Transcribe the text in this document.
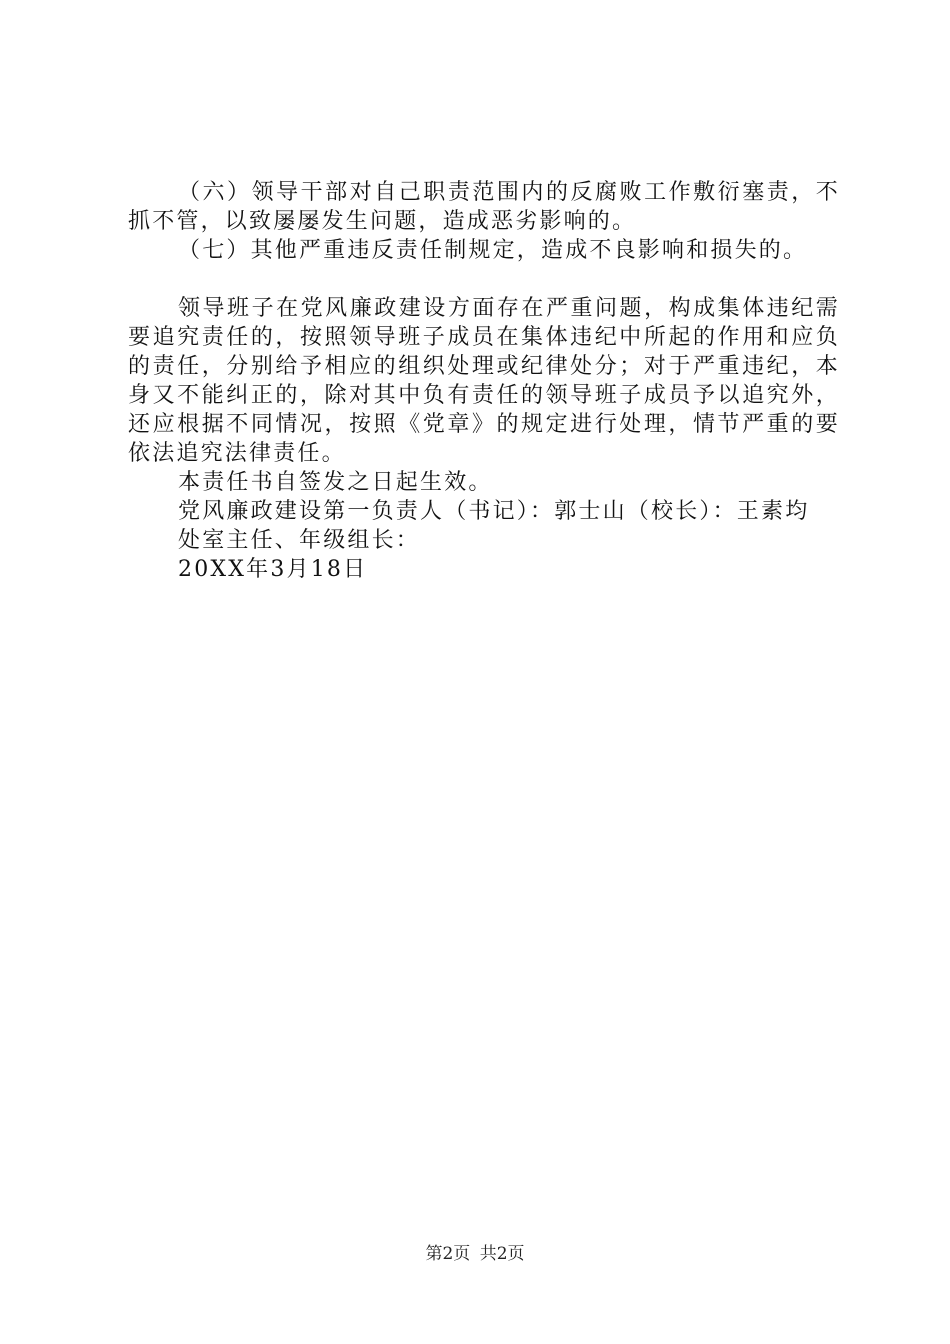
（六）领导干部对自己职责范围内的反腐败工作敷衍塞责，不抓不管，以致屡屡发生问题，造成恶劣影响的。

（七）其他严重违反责任制规定，造成不良影响和损失的。

领导班子在党风廉政建设方面存在严重问题，构成集体违纪需要追究责任的，按照领导班子成员在集体违纪中所起的作用和应负的责任，分别给予相应的组织处理或纪律处分；对于严重违纪，本身又不能纠正的，除对其中负有责任的领导班子成员予以追究外，还应根据不同情况，按照《党章》的规定进行处理，情节严重的要依法追究法律责任。

本责任书自签发之日起生效。

党风廉政建设第一负责人（书记）：郭士山（校长）：王素均

处室主任、年级组长：

20XX年3月18日

第2页 共2页
